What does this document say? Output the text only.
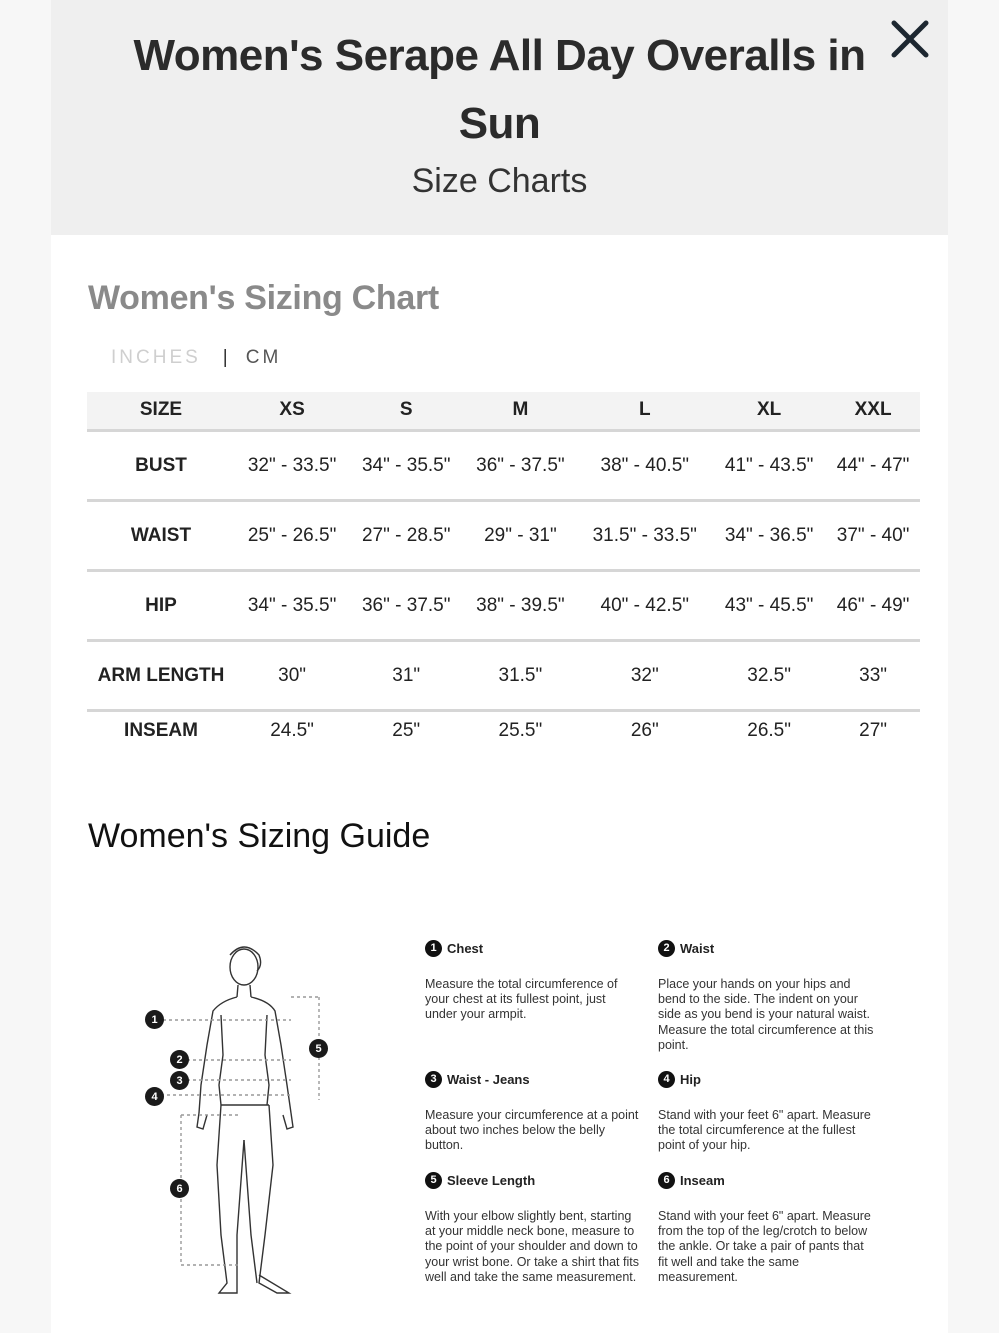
Women's Serape All Day Overalls in Sun
Size Charts
Women's Sizing Chart
INCHES | CM
SIZE	XS	S	M	L	XL	XXL
BUST	32" - 33.5"	34" - 35.5"	36" - 37.5"	38" - 40.5"	41" - 43.5"	44" - 47"
WAIST	25" - 26.5"	27" - 28.5"	29" - 31"	31.5" - 33.5"	34" - 36.5"	37" - 40"
HIP	34" - 35.5"	36" - 37.5"	38" - 39.5"	40" - 42.5"	43" - 45.5"	46" - 49"
ARM LENGTH	30"	31"	31.5"	32"	32.5"	33"
INSEAM	24.5"	25"	25.5"	26"	26.5"	27"
Women's Sizing Guide
1
2
3
4
5
6
1 Chest
Measure the total circumference of your chest at its fullest point, just under your armpit.
2 Waist
Place your hands on your hips and bend to the side. The indent on your side as you bend is your natural waist. Measure the total circumference at this point.
3 Waist - Jeans
Measure your circumference at a point about two inches below the belly button.
4 Hip
Stand with your feet 6" apart. Measure the total circumference at the fullest point of your hip.
5 Sleeve Length
With your elbow slightly bent, starting at your middle neck bone, measure to the point of your shoulder and down to your wrist bone. Or take a shirt that fits well and take the same measurement.
6 Inseam
Stand with your feet 6" apart. Measure from the top of the leg/crotch to below the ankle. Or take a pair of pants that fit well and take the same measurement.
